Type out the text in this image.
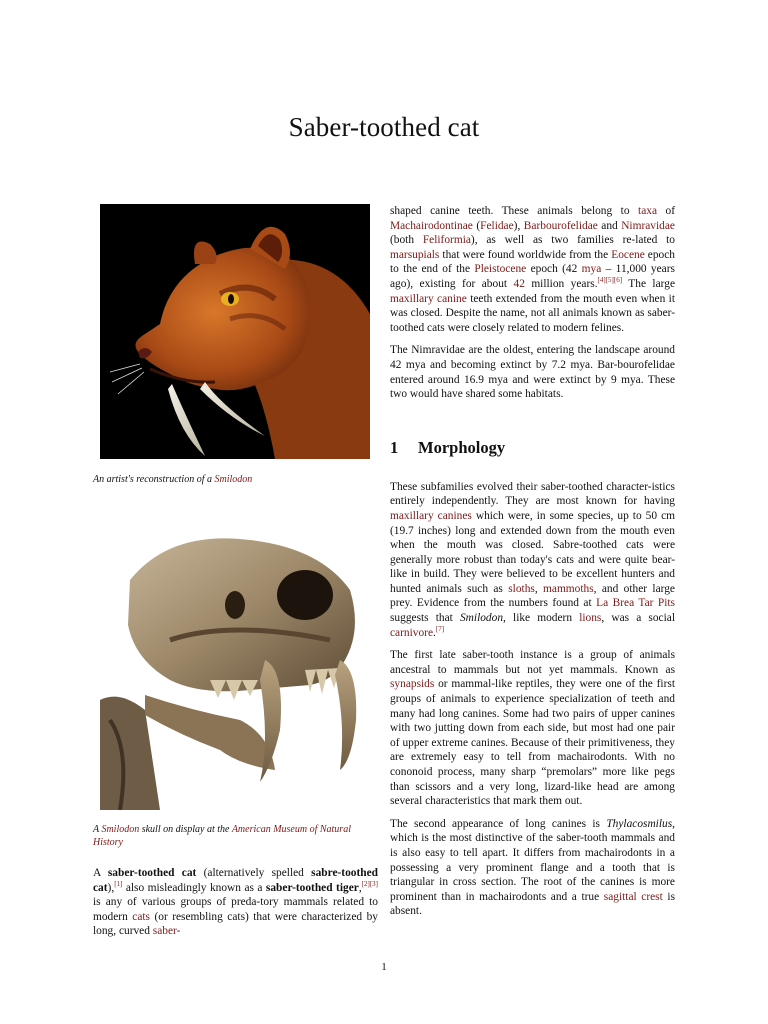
Saber-toothed cat
An artist's reconstruction of a Smilodon
A Smilodon skull on display at the American Museum of Natural History
A saber-toothed cat (alternatively spelled sabre-toothed cat),[1] also misleadingly known as a saber-toothed tiger,[2][3] is any of various groups of preda-tory mammals related to modern cats (or resembling cats) that were characterized by long, curved saber-

shaped canine teeth. These animals belong to taxa of Machairodontinae (Felidae), Barbourofelidae and Nimravidae (both Feliformia), as well as two families re-lated to marsupials that were found worldwide from the Eocene epoch to the end of the Pleistocene epoch (42 mya – 11,000 years ago), existing for about 42 million years.[4][5][6] The large maxillary canine teeth extended from the mouth even when it was closed. Despite the name, not all animals known as saber-toothed cats were closely related to modern felines.

The Nimravidae are the oldest, entering the landscape around 42 mya and becoming extinct by 7.2 mya. Bar-bourofelidae entered around 16.9 mya and were extinct by 9 mya. These two would have shared some habitats.

1 Morphology

These subfamilies evolved their saber-toothed character-istics entirely independently. They are most known for having maxillary canines which were, in some species, up to 50 cm (19.7 inches) long and extended down from the mouth even when the mouth was closed. Sabre-toothed cats were generally more robust than today's cats and were quite bear-like in build. They were believed to be excellent hunters and hunted animals such as sloths, mammoths, and other large prey. Evidence from the numbers found at La Brea Tar Pits suggests that Smilodon, like modern lions, was a social carnivore.[7]

The first late saber-tooth instance is a group of animals ancestral to mammals but not yet mammals. Known as synapsids or mammal-like reptiles, they were one of the first groups of animals to experience specialization of teeth and many had long canines. Some had two pairs of upper canines with two jutting down from each side, but most had one pair of upper extreme canines. Because of their primitiveness, they are extremely easy to tell from machairodonts. With no cononoid process, many sharp “premolars” more like pegs than scissors and a very long, lizard-like head are among several characteristics that mark them out.

The second appearance of long canines is Thylacosmilus, which is the most distinctive of the saber-tooth mammals and is also easy to tell apart. It differs from machairodonts in a possessing a very prominent flange and a tooth that is triangular in cross section. The root of the canines is more prominent than in machairodonts and a true sagittal crest is absent.

1
